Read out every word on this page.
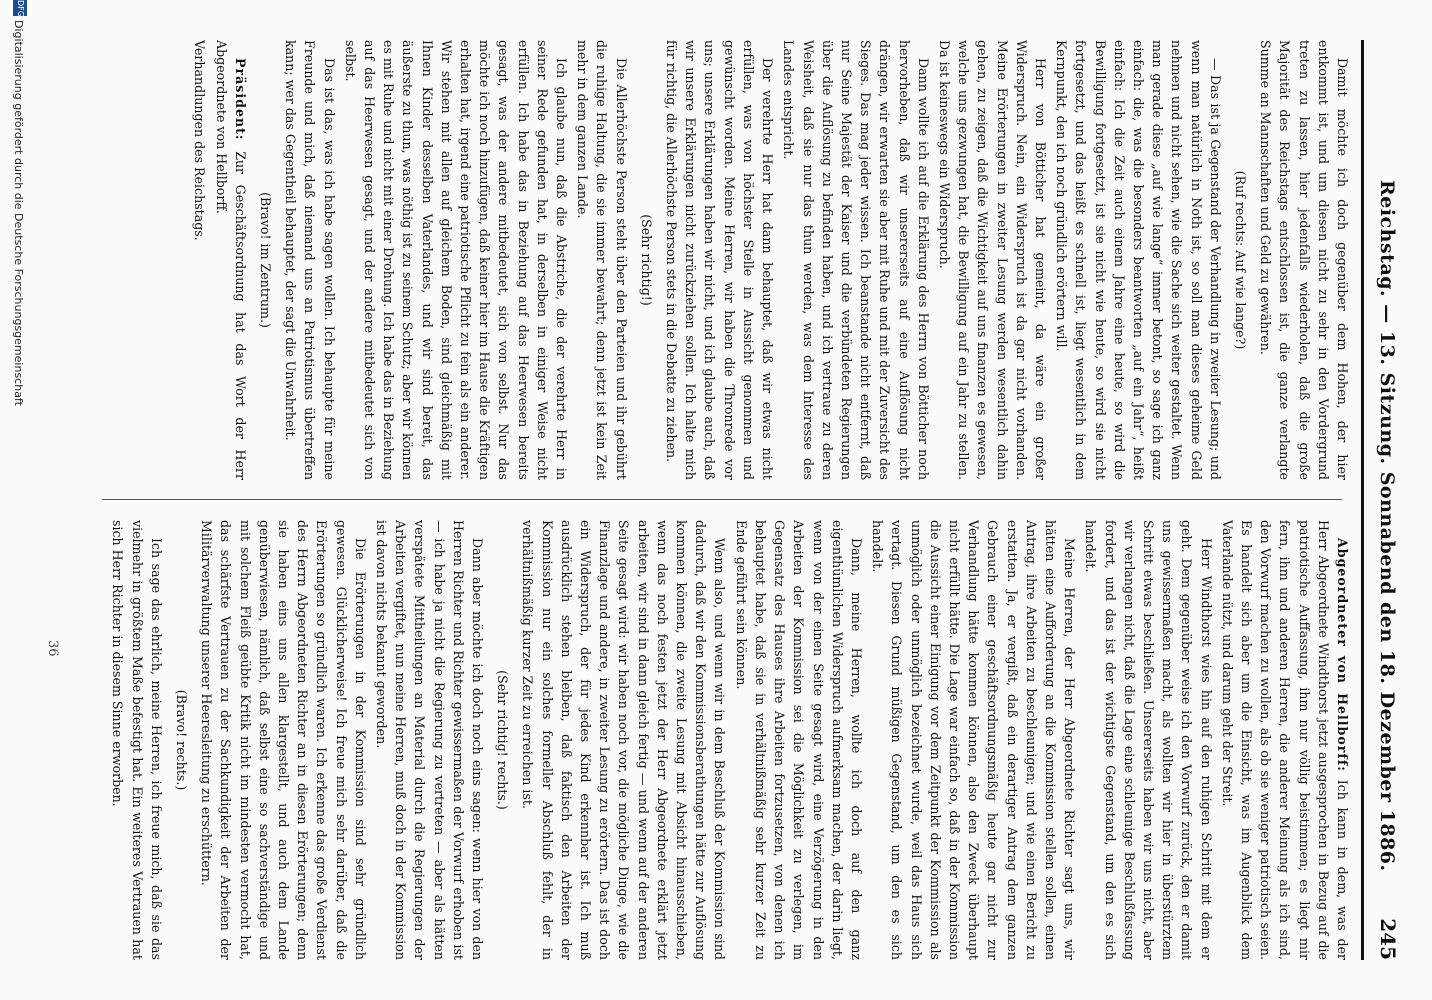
Reichstag. — 13. Sitzung. Sonnabend den 18. Dezember 1886.
245

Damit möchte ich doch gegenüber dem Hohen, der hier entkommt ist, und um diesen nicht zu sehr in den Vordergrund treten zu lassen, hier jedenfalls wiederholen, daß die große Majorität des Reichstags entschlossen ist, die ganze verlangte Summe an Mannschaften und Geld zu gewähren.

(Ruf rechts: Auf wie lange?)

— Das ist ja Gegenstand der Verhandlung in zweiter Lesung; und wenn man natürlich in Noth ist, so soll man dieses geheime Geld nehmen und nicht sehen, wie die Sache sich weiter gestaltet. Wenn man gerade diese „auf wie lange“ immer betont, so sage ich ganz einfach: die, was die besonders beantworten „auf ein Jahr“, heißt einfach: Ich die Zeit auch einem Jahre eine heute, so wird die Bewilligung fortgesetzt, ist sie nicht wie heute, so wird sie nicht fortgesetzt, und das heißt es schnell ist, liegt wesentlich in dem Kernpunkt, den ich noch gründlich erörtern will.

Herr von Bötticher hat gemeint, da wäre ein großer Widerspruch. Nein, ein Widerspruch ist da gar nicht vorhanden. Meine Erörterungen in zweiter Lesung werden wesentlich dahin gehen, zu zeigen, daß die Wichtigkeit auf uns finanzen es gewesen, welche uns gezwungen hat, die Bewilligung auf ein Jahr zu stellen. Da ist keineswegs ein Widerspruch.

Dann wollte ich auf die Erklärung des Herrn von Bötticher noch hervorheben, daß wir unsererseits auf eine Auflösung nicht drängen, wir erwarten sie aber mit Ruhe und mit der Zuversicht des Sieges. Das mag jeder wissen. Ich beanstande nicht entfernt, daß nur Seine Majestät der Kaiser und die verbündeten Regierungen über die Auflösung zu befinden haben, und ich vertraue zu deren Weisheit, daß sie nur das thun werden, was dem Interesse des Landes entspricht.

Der verehrte Herr hat dann behauptet, daß wir etwas nicht erfüllen, was von höchster Stelle in Aussicht genommen und gewünscht worden. Meine Herren, wir haben die Thronrede vor uns; unsere Erklärungen haben wir nicht, und ich glaube auch, daß wir unsere Erklärungen nicht zurückziehen sollen. Ich halte mich für richtig, die Allerhöchste Person stets in die Debatte zu ziehen.

(Sehr richtig!)

Die Allerhöchste Person steht über den Parteien und ihr gebührt die ruhige Haltung, die sie immer bewahrt; denn jetzt ist kein Zeit mehr in dem ganzen Lande.

Ich glaube nun, daß die Abstriche, die der verehrte Herr in seiner Rede gefunden hat, in derselben in einiger Weise nicht erfüllen. Ich habe das in Beziehung auf das Heerwesen bereits gesagt, was der andere mitbedeutet, sich von selbst. Nur das möchte ich noch hinzufügen, daß keiner hier im Hause die Kräftigen erhalten hat, irgend eine patriotische Pflicht zu fein als ein anderer. Wir stehen mit allen auf gleichem Boden, sind gleichmäßig mit Ihnen Kinder desselben Vaterlandes, und wir sind bereit, das äußerste zu thun, was nöthig ist zu seinem Schutz; aber wir können es mit Ruhe und nicht mit einer Drohung. Ich habe das in Beziehung auf das Heerwesen gesagt, und der andere mitbedeutet sich von selbst.

Das ist das, was ich habe sagen wollen. Ich behaupte für meine Freunde und mich, daß niemand uns an Patriotismus übertreffen kann; wer das Gegentheil behauptet, der sagt die Unwahrheit.

(Bravo! im Zentrum.)

Präsident: Zur Geschäftsordnung hat das Wort der Herr Abgeordnete von Hellborff.

Verhandlungen des Reichstags.

Abgeordneter von Hellborff: Ich kann in dem, was der Herr Abgeordnete Windthorst jetzt ausgesprochen in Bezug auf die patriotische Auffassung, ihm nur völlig beistimmen; es liegt mir fern, ihm und anderen Herren, die anderer Meinung als ich sind, den Vorwurf machen zu wollen, als ob sie weniger patriotisch seien. Es handelt sich aber um die Einsicht, was im Augenblick dem Vaterlande nützt, und darum geht der Streit.

Herr Windthorst wies hin auf den ruhigen Schritt mit dem er geht. Dem gegenüber weise ich den Vorwurf zurück, den er damit uns gewissermaßen macht, als wollten wir hier in überstürztem Schritt etwas beschließen. Unsererseits haben wir uns nicht, aber wir verlangen nicht, daß die Lage eine schleunige Beschlußfassung fordert, und das ist der wichtigste Gegenstand, um den es sich handelt.

Meine Herren, der Herr Abgeordnete Richter sagt uns, wir hätten eine Aufforderung an die Kommission stellen sollen, einen Antrag, ihre Arbeiten zu beschleunigen; und wie einen Bericht zu erstatten. Ja, er vergißt, daß ein derartiger Antrag dem ganzen Gebrauch einer geschäftsordnungsmäßig heute gar nicht zur Verhandlung hätte kommen können, also den Zweck überhaupt nicht erfüllt hätte. Die Lage war einfach so, daß in der Kommission die Aussicht einer Einigung vor dem Zeitpunkt der Kommission als unmöglich oder unmöglich bezeichnet wurde, weil das Haus sich vertagt. Diesen Grund müßigen Gegenstand, um den es sich handelt.

Dann, meine Herren, wollte ich doch auf den ganz eigenthümlichen Widerspruch aufmerksam machen, der darin liegt, wenn von der einen Seite gesagt wird, eine Verzögerung in den Arbeiten der Kommission sei die Möglichkeit zu verlegen, im Gegensatz des Hauses ihre Arbeiten fortzusetzen, von denen ich behauptet habe, daß sie in verhältnißmäßig sehr kurzer Zeit zu Ende geführt sein können.

Wenn also, und wenn wir in dem Beschluß der Kommission sind dadurch, daß wir den Kommissionsberathungen hätte zur Auflösung kommen können, die zweite Lesung mit Absicht hinausschieben, wenn das noch festen jetzt der Herr Abgeordnete erklärt jetzt arbeiten, wir sind in dann gleich fertig — und wenn auf der anderen Seite gesagt wird: wir haben noch vor, die mögliche Dinge, wie die Finanzlage und andere, in zweiter Lesung zu erörtern. Das ist doch ein Widerspruch, der für jedes Kind erkennbar ist. Ich muß ausdrücklich stehen bleiben, daß faktisch den Arbeiten der Kommission nur ein solches formeller Abschluß fehlt, der in verhältnißmäßig kurzer Zeit zu erreichen ist.

(Sehr richtig! rechts.)

Dann aber möchte ich doch noch eins sagen: wenn hier von den Herren Richter und Richter gewissermaßen der Vorwurf erhoben ist — ich habe ja nicht die Regierung zu vertreten — aber als hätten verspätete Mittheilungen an Material durch die Regierungen der Arbeiten vergiftet, nun meine Herren, muß doch in der Kommission ist davon nichts bekannt geworden.

Die Erörterungen in der Kommission sind sehr gründlich gewesen. Glücklicherweise! Ich freue mich sehr darüber, daß die Erörterungen so gründlich waren. Ich erkenne das große Verdienst des Herrn Abgeordneten Richter an in diesen Erörterungen; denn sie haben eins uns allen klargestellt, und auch dem Lande genüberwiesen, nämlich, daß selbst eine so sachverständige und mit solchem Fleiß geübte Kritik nicht im mindesten vermocht hat, das schärfste Vertrauen zu der Sachkundigkeit der Arbeiten der Militärverwaltung unserer Heeresleitung zu erschüttern.

(Bravo! rechts.)

Ich sage das ehrlich, meine Herren, ich freue mich, daß sie das vielmehr in größtem Maße befestigt hat. Ein weiteres Vertrauen hat sich Herr Richter in diesem Sinne erworben.

36
DFG
Digitalisierung gefördert durch die Deutsche Forschungsgemeinschaft
